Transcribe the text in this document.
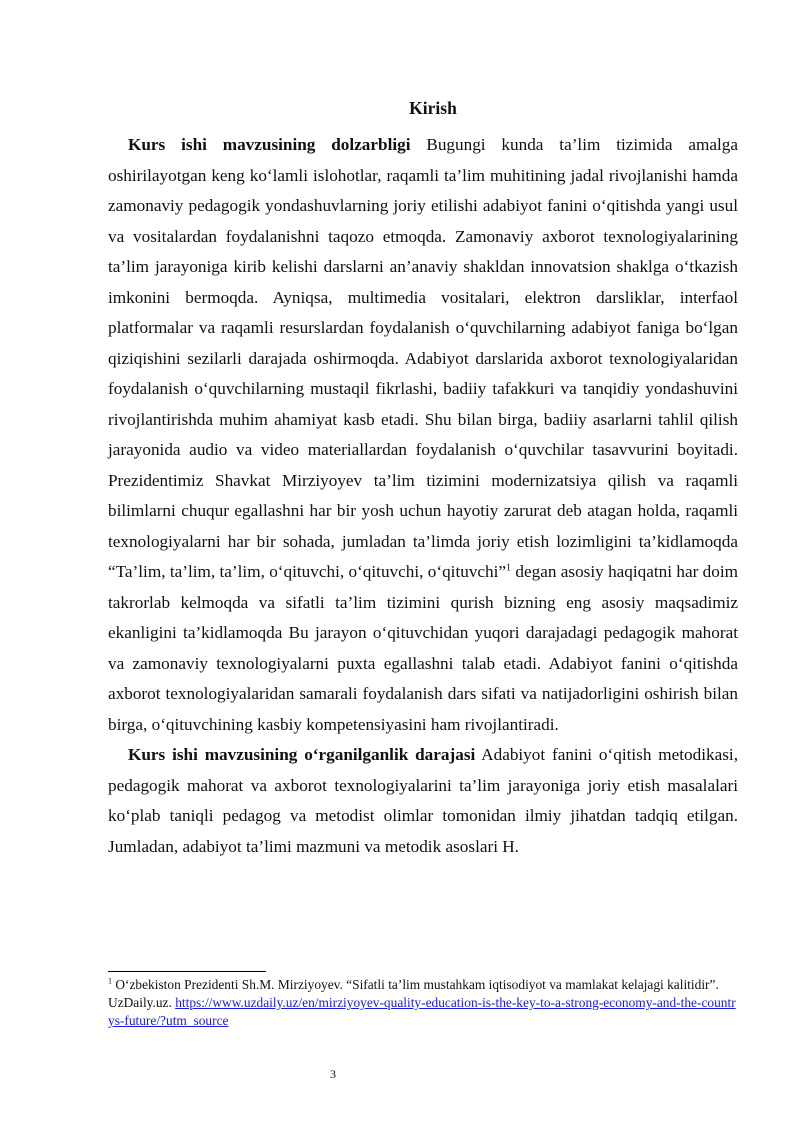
Kirish

Kurs ishi mavzusining dolzarbligi Bugungi kunda ta’lim tizimida amalga oshirilayotgan keng ko‘lamli islohotlar, raqamli ta’lim muhitining jadal rivojlanishi hamda zamonaviy pedagogik yondashuvlarning joriy etilishi adabiyot fanini o‘qitishda yangi usul va vositalardan foydalanishni taqozo etmoqda. Zamonaviy axborot texnologiyalarining ta’lim jarayoniga kirib kelishi darslarni an’anaviy shakldan innovatsion shaklga o‘tkazish imkonini bermoqda. Ayniqsa, multimedia vositalari, elektron darsliklar, interfaol platformalar va raqamli resurslardan foydalanish o‘quvchilarning adabiyot faniga bo‘lgan qiziqishini sezilarli darajada oshirmoqda. Adabiyot darslarida axborot texnologiyalaridan foydalanish o‘quvchilarning mustaqil fikrlashi, badiiy tafakkuri va tanqidiy yondashuvini rivojlantirishda muhim ahamiyat kasb etadi. Shu bilan birga, badiiy asarlarni tahlil qilish jarayonida audio va video materiallardan foydalanish o‘quvchilar tasavvurini boyitadi. Prezidentimiz Shavkat Mirziyoyev ta’lim tizimini modernizatsiya qilish va raqamli bilimlarni chuqur egallashni har bir yosh uchun hayotiy zarurat deb atagan holda, raqamli texnologiyalarni har bir sohada, jumladan ta’limda joriy etish lozimligini ta’kidlamoqda “Ta’lim, ta’lim, ta’lim, o‘qituvchi, o‘qituvchi, o‘qituvchi”$^1$ degan asosiy haqiqatni har doim takrorlab kelmoqda va sifatli ta’lim tizimini qurish bizning eng asosiy maqsadimiz ekanligini ta’kidlamoqda Bu jarayon o‘qituvchidan yuqori darajadagi pedagogik mahorat va zamonaviy texnologiyalarni puxta egallashni talab etadi. Adabiyot fanini o‘qitishda axborot texnologiyalaridan samarali foydalanish dars sifati va natijadorligini oshirish bilan birga, o‘qituvchining kasbiy kompetensiyasini ham rivojlantiradi.

Kurs ishi mavzusining o‘rganilganlik darajasi Adabiyot fanini o‘qitish metodikasi, pedagogik mahorat va axborot texnologiyalarini ta’lim jarayoniga joriy etish masalalari ko‘plab taniqli pedagog va metodist olimlar tomonidan ilmiy jihatdan tadqiq etilgan. Jumladan, adabiyot ta’limi mazmuni va metodik asoslari H.

$^1$ O‘zbekiston Prezidenti Sh.M. Mirziyoyev. “Sifatli ta’lim mustahkam iqtisodiyot va mamlakat kelajagi kalitidir”. UzDaily.uz. https://www.uzdaily.uz/en/mirziyoyev-quality-education-is-the-key-to-a-strong-economy-and-the-countrys-future/?utm_source
3
